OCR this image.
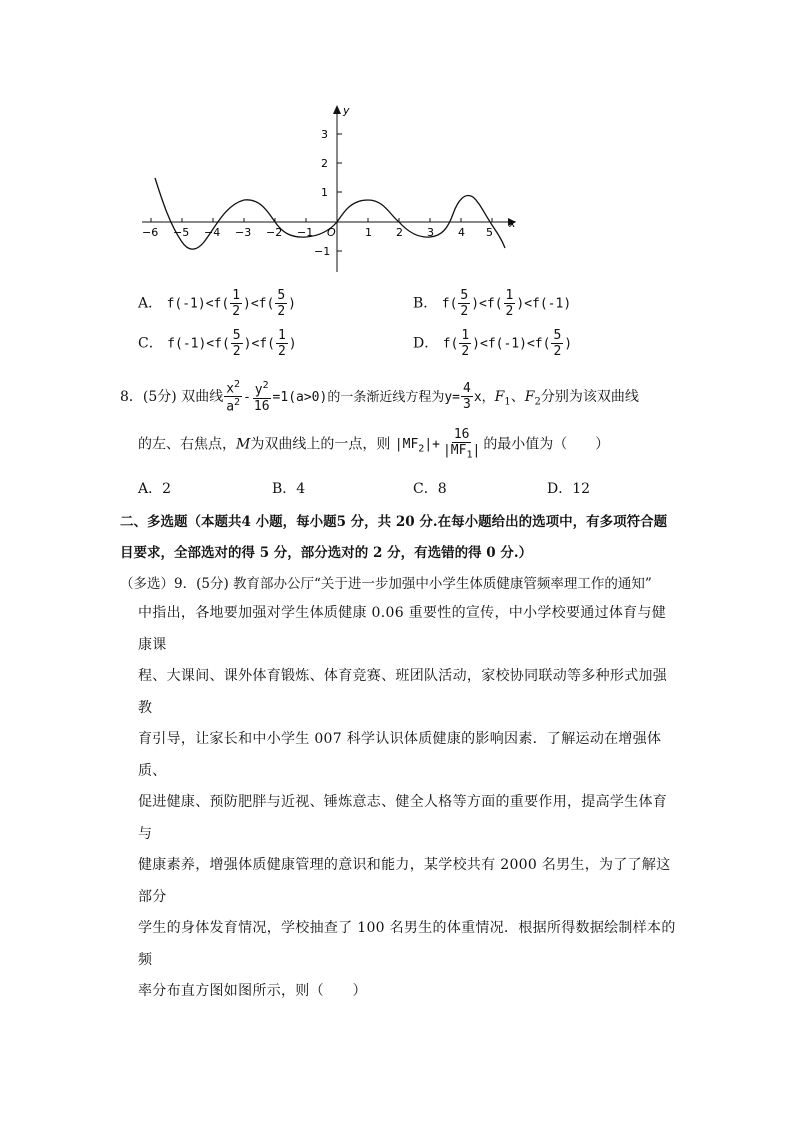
y
x
3
2
1
−1
−6 −5 −4 −3 −2 −1 O	1 2 3 4 5
A． $f(-1)<f( \frac{1}{2} )<f( \frac{5}{2}$ )	B． $f( \frac{5}{2} )<f( \frac{1}{2} )<f(-1)$
C． $f(-1)<f( \frac{5}{2} )<f( \frac{1}{2}$ )	D． $f( \frac{1}{2} )<f(-1)<f( \frac{5}{2}$ )
8．(5分) 双曲线 $\frac{x^2}{a^2} - \frac{y^2}{16} =1(a>0)$的一条渐近线方程为$y= \frac{4}{3}$ x，$F_1$、$F_2$分别为该双曲线
的左、右焦点，M为双曲线上的一点，则 $|MF_2|+ \frac{16}{|MF_1|}$ 的最小值为（　　）
A．2	B．4	C．8	D．12
二、多选题（本题共4 小题，每小题5 分，共 20 分.在每小题给出的选项中，有多项符合题
目要求，全部选对的得 5 分，部分选对的 2 分，有选错的得 0 分.）
（多选）9．(5分) 教育部办公厅“关于进一步加强中小学生体质健康管频率理工作的通知”
中指出，各地要加强对学生体质健康 0.06 重要性的宣传，中小学校要通过体育与健康课
程、大课间、课外体育锻炼、体育竞赛、班团队活动，家校协同联动等多种形式加强教
育引导，让家长和中小学生 007 科学认识体质健康的影响因素．了解运动在增强体质、
促进健康、预防肥胖与近视、锤炼意志、健全人格等方面的重要作用，提高学生体育与
健康素养，增强体质健康管理的意识和能力，某学校共有 2000 名男生，为了了解这部分
学生的身体发育情况，学校抽查了 100 名男生的体重情况．根据所得数据绘制样本的频
率分布直方图如图所示，则（　　）
